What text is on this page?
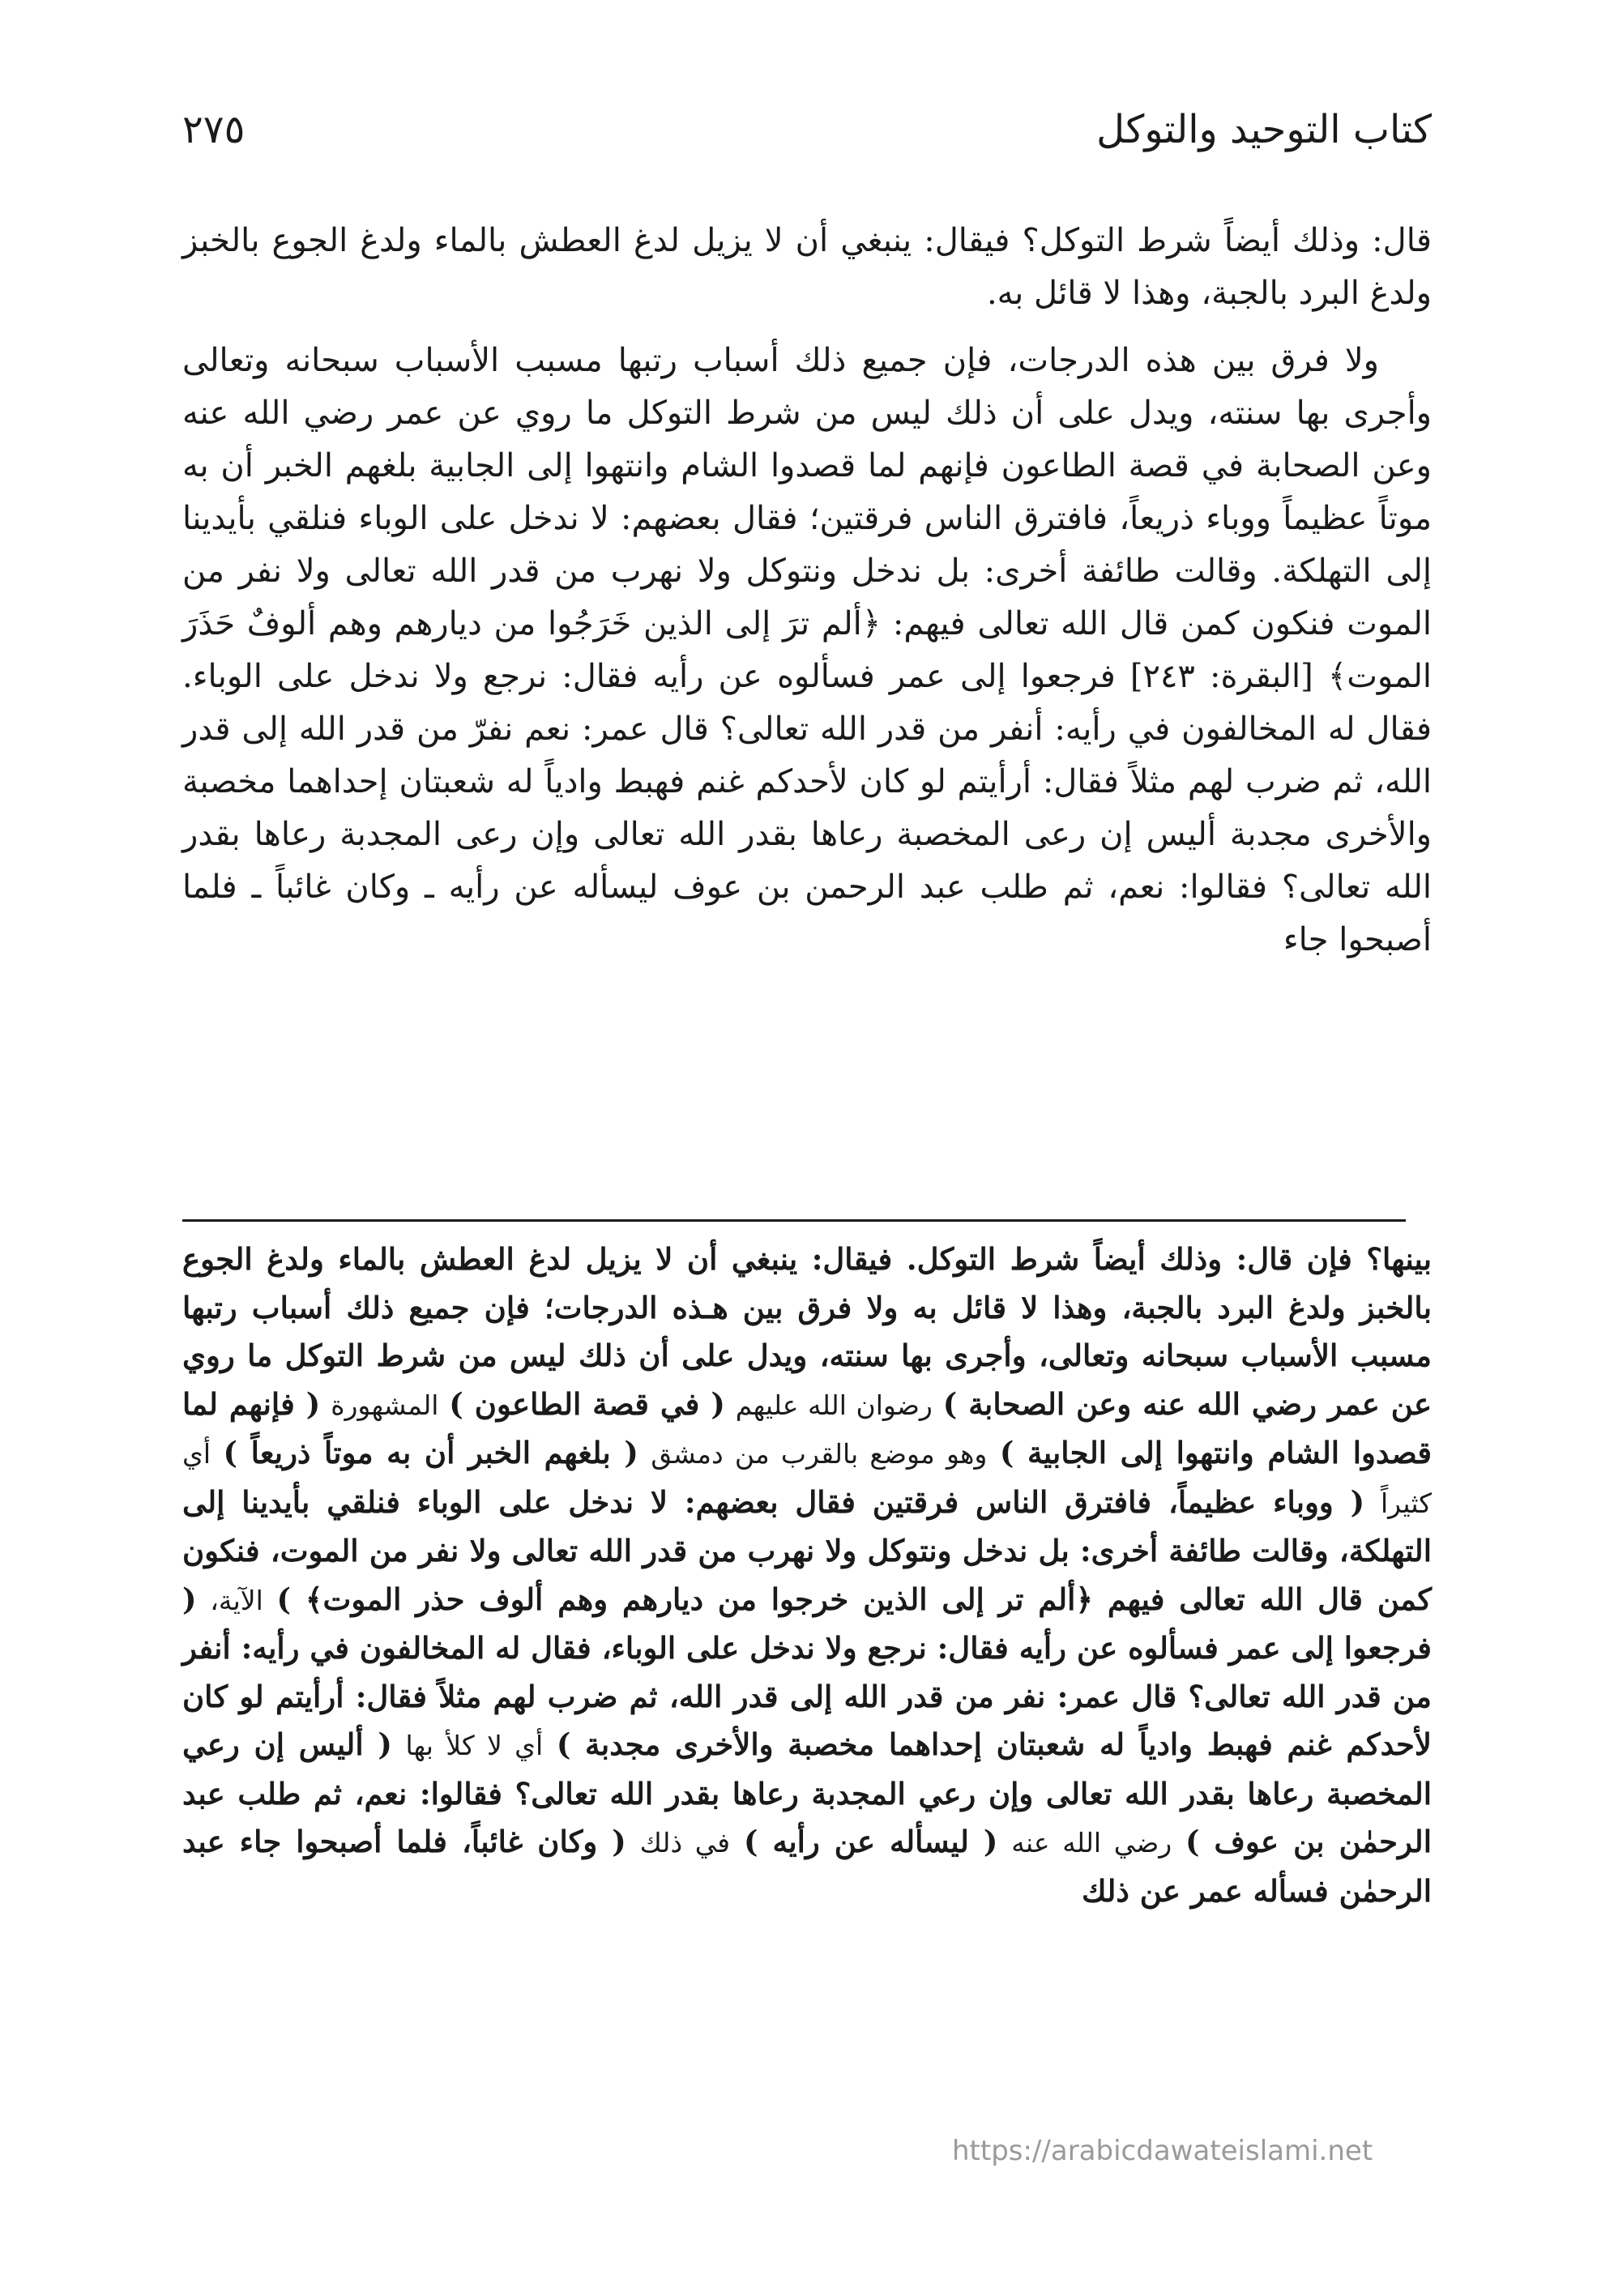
٢٧٥	كتاب التوحيد والتوكل

قال: وذلك أيضاً شرط التوكل؟ فيقال: ينبغي أن لا يزيل لدغ العطش بالماء ولدغ الجوع بالخبز ولدغ البرد بالجبة، وهذا لا قائل به.

ولا فرق بين هذه الدرجات، فإن جميع ذلك أسباب رتبها مسبب الأسباب سبحانه وتعالى وأجرى بها سنته، ويدل على أن ذلك ليس من شرط التوكل ما روي عن عمر رضي الله عنه وعن الصحابة في قصة الطاعون فإنهم لما قصدوا الشام وانتهوا إلى الجابية بلغهم الخبر أن به موتاً عظيماً ووباء ذريعاً، فافترق الناس فرقتين؛ فقال بعضهم: لا ندخل على الوباء فنلقي بأيدينا إلى التهلكة. وقالت طائفة أخرى: بل ندخل ونتوكل ولا نهرب من قدر الله تعالى ولا نفر من الموت فنكون كمن قال الله تعالى فيهم: ﴿ألم ترَ إلى الذين خَرَجُوا من ديارهم وهم ألوفٌ حَذَرَ الموت﴾ [البقرة: ٢٤٣] فرجعوا إلى عمر فسألوه عن رأيه فقال: نرجع ولا ندخل على الوباء. فقال له المخالفون في رأيه: أنفر من قدر الله تعالى؟ قال عمر: نعم نفرّ من قدر الله إلى قدر الله، ثم ضرب لهم مثلاً فقال: أرأيتم لو كان لأحدكم غنم فهبط وادياً له شعبتان إحداهما مخصبة والأخرى مجدبة أليس إن رعى المخصبة رعاها بقدر الله تعالى وإن رعى المجدبة رعاها بقدر الله تعالى؟ فقالوا: نعم، ثم طلب عبد الرحمن بن عوف ليسأله عن رأيه ـ وكان غائباً ـ فلما أصبحوا جاء

بينها؟ فإن قال: وذلك أيضاً شرط التوكل. فيقال: ينبغي أن لا يزيل لدغ العطش بالماء ولدغ الجوع بالخبز ولدغ البرد بالجبة، وهذا لا قائل به ولا فرق بين هـذه الدرجات؛ فإن جميع ذلك أسباب رتبها مسبب الأسباب سبحانه وتعالى، وأجرى بها سنته، ويدل على أن ذلك ليس من شرط التوكل ما روي عن عمر رضي الله عنه وعن الصحابة ) رضوان الله عليهم ( في قصة الطاعون ) المشهورة ( فإنهم لما قصدوا الشام وانتهوا إلى الجابية ) وهو موضع بالقرب من دمشق ( بلغهم الخبر أن به موتاً ذريعاً ) أي كثيراً ( ووباء عظيماً، فافترق الناس فرقتين فقال بعضهم: لا ندخل على الوباء فنلقي بأيدينا إلى التهلكة، وقالت طائفة أخرى: بل ندخل ونتوكل ولا نهرب من قدر الله تعالى ولا نفر من الموت، فنكون كمن قال الله تعالى فيهم ﴿ألم تر إلى الذين خرجوا من ديارهم وهم ألوف حذر الموت﴾ ) الآية، ( فرجعوا إلى عمر فسألوه عن رأيه فقال: نرجع ولا ندخل على الوباء، فقال له المخالفون في رأيه: أنفر من قدر الله تعالى؟ قال عمر: نفر من قدر الله إلى قدر الله، ثم ضرب لهم مثلاً فقال: أرأيتم لو كان لأحدكم غنم فهبط وادياً له شعبتان إحداهما مخصبة والأخرى مجدبة ) أي لا كلأ بها ( أليس إن رعي المخصبة رعاها بقدر الله تعالى وإن رعي المجدبة رعاها بقدر الله تعالى؟ فقالوا: نعم، ثم طلب عبد الرحمٰن بن عوف ) رضي الله عنه ( ليسأله عن رأيه ) في ذلك ( وكان غائباً، فلما أصبحوا جاء عبد الرحمٰن فسأله عمر عن ذلك
https://arabicdawateislami.net
